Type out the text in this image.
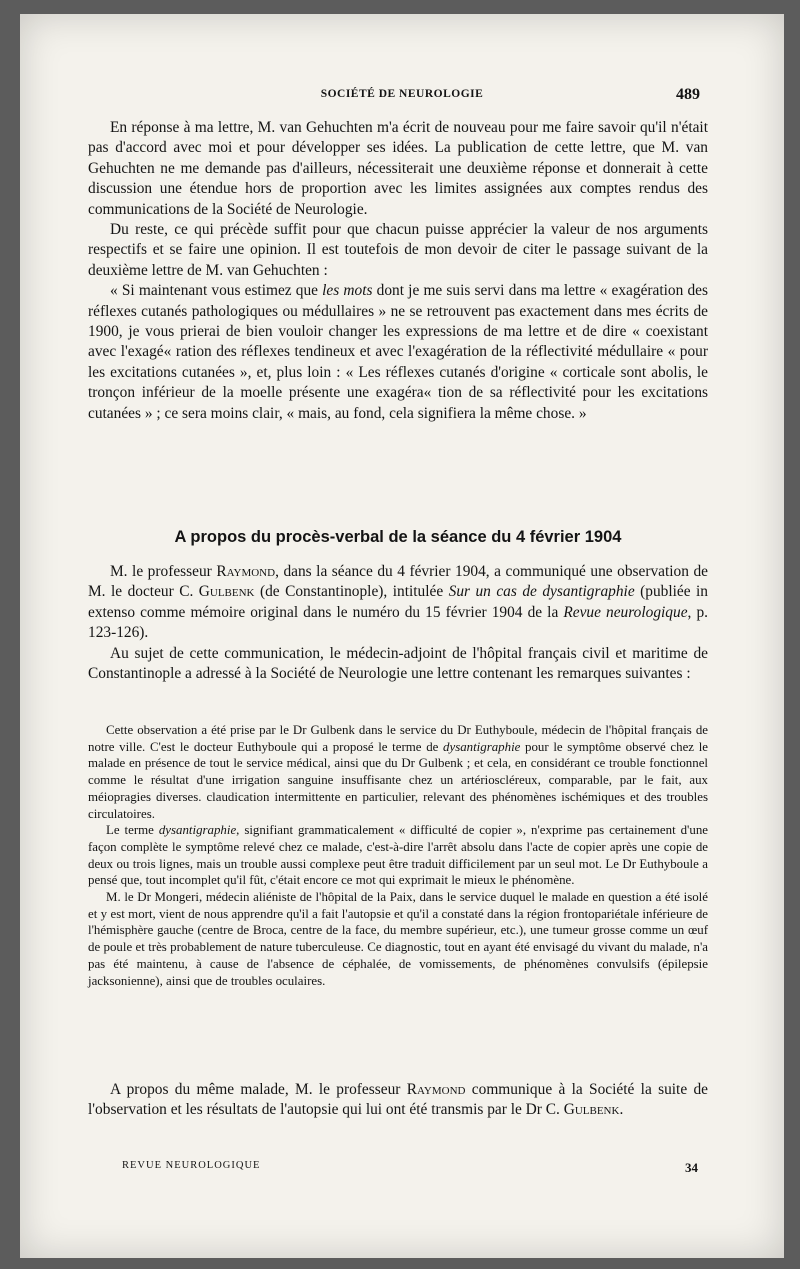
SOCIÉTÉ DE NEUROLOGIE	489

En réponse à ma lettre, M. van Gehuchten m'a écrit de nouveau pour me faire savoir qu'il n'était pas d'accord avec moi et pour développer ses idées. La publication de cette lettre, que M. van Gehuchten ne me demande pas d'ailleurs, nécessiterait une deuxième réponse et donnerait à cette discussion une étendue hors de proportion avec les limites assignées aux comptes rendus des communications de la Société de Neurologie.

Du reste, ce qui précède suffit pour que chacun puisse apprécier la valeur de nos arguments respectifs et se faire une opinion. Il est toutefois de mon devoir de citer le passage suivant de la deuxième lettre de M. van Gehuchten :

« Si maintenant vous estimez que les mots dont je me suis servi dans ma lettre « exagération des réflexes cutanés pathologiques ou médullaires » ne se retrouvent pas exactement dans mes écrits de 1900, je vous prierai de bien vouloir changer les expressions de ma lettre et de dire « coexistant avec l'exagé« ration des réflexes tendineux et avec l'exagération de la réflectivité médullaire « pour les excitations cutanées », et, plus loin : « Les réflexes cutanés d'origine « corticale sont abolis, le tronçon inférieur de la moelle présente une exagéra« tion de sa réflectivité pour les excitations cutanées » ; ce sera moins clair, « mais, au fond, cela signifiera la même chose. »

A propos du procès-verbal de la séance du 4 février 1904

M. le professeur Raymond, dans la séance du 4 février 1904, a communiqué une observation de M. le docteur C. Gulbenk (de Constantinople), intitulée Sur un cas de dysantigraphie (publiée in extenso comme mémoire original dans le numéro du 15 février 1904 de la Revue neurologique, p. 123-126).

Au sujet de cette communication, le médecin-adjoint de l'hôpital français civil et maritime de Constantinople a adressé à la Société de Neurologie une lettre contenant les remarques suivantes :

Cette observation a été prise par le Dr Gulbenk dans le service du Dr Euthyboule, médecin de l'hôpital français de notre ville. C'est le docteur Euthyboule qui a proposé le terme de dysantigraphie pour le symptôme observé chez le malade en présence de tout le service médical, ainsi que du Dr Gulbenk ; et cela, en considérant ce trouble fonctionnel comme le résultat d'une irrigation sanguine insuffisante chez un artérioscléreux, comparable, par le fait, aux méiopragies diverses. claudication intermittente en particulier, relevant des phénomènes ischémiques et des troubles circulatoires.

Le terme dysantigraphie, signifiant grammaticalement « difficulté de copier », n'exprime pas certainement d'une façon complète le symptôme relevé chez ce malade, c'est-à-dire l'arrêt absolu dans l'acte de copier après une copie de deux ou trois lignes, mais un trouble aussi complexe peut être traduit difficilement par un seul mot. Le Dr Euthyboule a pensé que, tout incomplet qu'il fût, c'était encore ce mot qui exprimait le mieux le phénomène.

M. le Dr Mongeri, médecin aliéniste de l'hôpital de la Paix, dans le service duquel le malade en question a été isolé et y est mort, vient de nous apprendre qu'il a fait l'autopsie et qu'il a constaté dans la région frontopariétale inférieure de l'hémisphère gauche (centre de Broca, centre de la face, du membre supérieur, etc.), une tumeur grosse comme un œuf de poule et très probablement de nature tuberculeuse. Ce diagnostic, tout en ayant été envisagé du vivant du malade, n'a pas été maintenu, à cause de l'absence de céphalée, de vomissements, de phénomènes convulsifs (épilepsie jacksonienne), ainsi que de troubles oculaires.

A propos du même malade, M. le professeur Raymond communique à la Société la suite de l'observation et les résultats de l'autopsie qui lui ont été transmis par le Dr C. Gulbenk.

REVUE NEUROLOGIQUE	34
